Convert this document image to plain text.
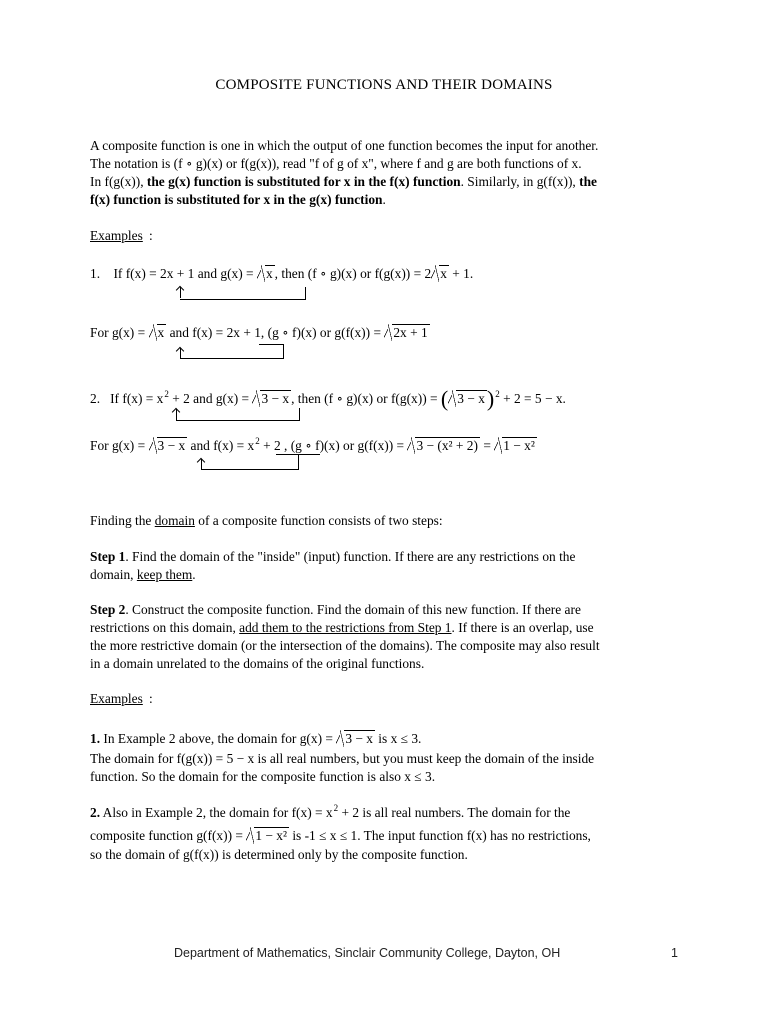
COMPOSITE FUNCTIONS AND THEIR DOMAINS
A composite function is one in which the output of one function becomes the input for another.
The notation is (f ∘ g)(x) or f(g(x)), read "f of g of x", where f and g are both functions of x.
In f(g(x)), the g(x) function is substituted for x in the f(x) function. Similarly, in g(f(x)), the
f(x) function is substituted for x in the g(x) function.
Examples :
1. If f(x) = 2x + 1 and g(x) = x , then (f ∘ g)(x) or f(g(x)) = 2 x + 1.
For g(x) = x and f(x) = 2x + 1, (g ∘ f)(x) or g(f(x)) = 2x + 1
2. If $f(x) = x^2 + 2$ and g(x) = 3 − x , then (f ∘ g)(x) or f(g(x)) = ( 3 − x)$^2$ + 2 = 5 − x.
For g(x) = 3 − x and $f(x) = x^2 + 2$ , (g ∘ f)(x) or g(f(x)) = 3 − (x² + 2) = 1 − x²
Finding the domain of a composite function consists of two steps:
Step 1. Find the domain of the "inside" (input) function. If there are any restrictions on the
domain, keep them.
Step 2. Construct the composite function. Find the domain of this new function. If there are
restrictions on this domain, add them to the restrictions from Step 1. If there is an overlap, use
the more restrictive domain (or the intersection of the domains). The composite may also result
in a domain unrelated to the domains of the original functions.
Examples :
1. In Example 2 above, the domain for g(x) = 3 − x is x ≤ 3.
The domain for f(g(x)) = 5 − x is all real numbers, but you must keep the domain of the inside
function. So the domain for the composite function is also x ≤ 3.
2. Also in Example 2, the domain for $f(x) = x^2 + 2$ is all real numbers. The domain for the
composite function g(f(x)) = 1 − x² is -1 ≤ x ≤ 1. The input function f(x) has no restrictions,
so the domain of g(f(x)) is determined only by the composite function.
Department of Mathematics, Sinclair Community College, Dayton, OH	1
